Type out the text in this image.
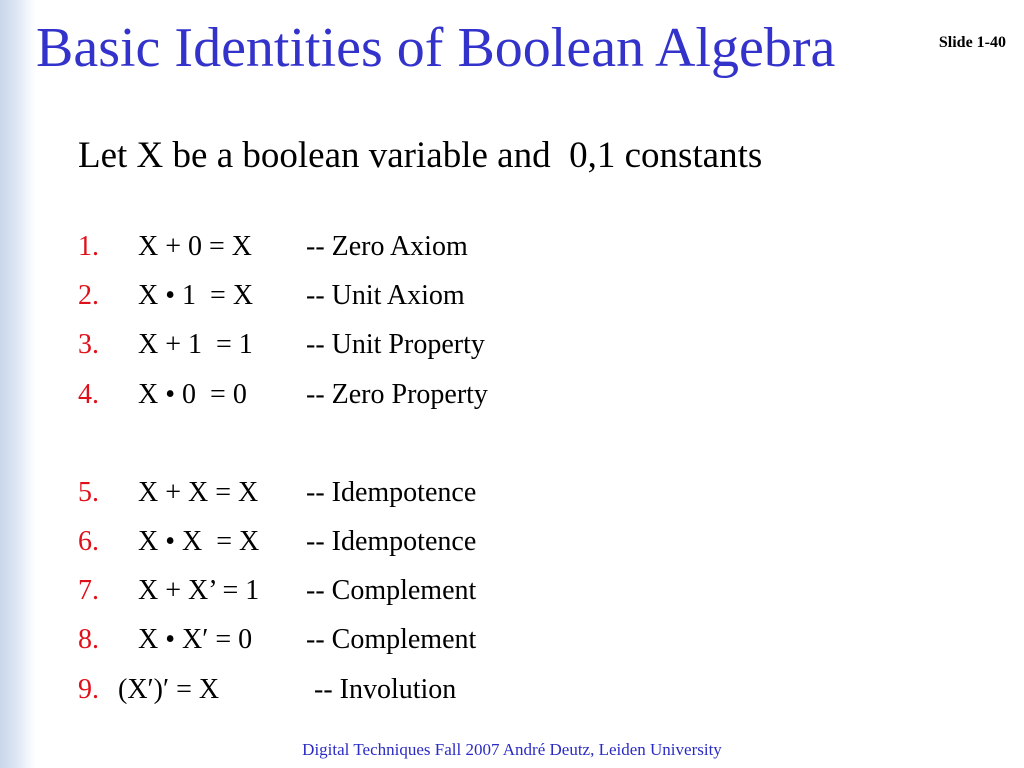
Basic Identities of Boolean Algebra	Slide 1-40

Let X be a boolean variable and  0,1 constants

1. X + 0 = X -- Zero Axiom
2. X • 1  = X -- Unit Axiom
3. X + 1  = 1 -- Unit Property
4. X • 0  = 0 -- Zero Property
5. X + X = X -- Idempotence
6. X • X  = X -- Idempotence
7. X + X’ = 1 -- Complement
8. X • X′ = 0 -- Complement
9. (X′)′ = X	-- Involution
Digital Techniques Fall 2007 André Deutz, Leiden University
